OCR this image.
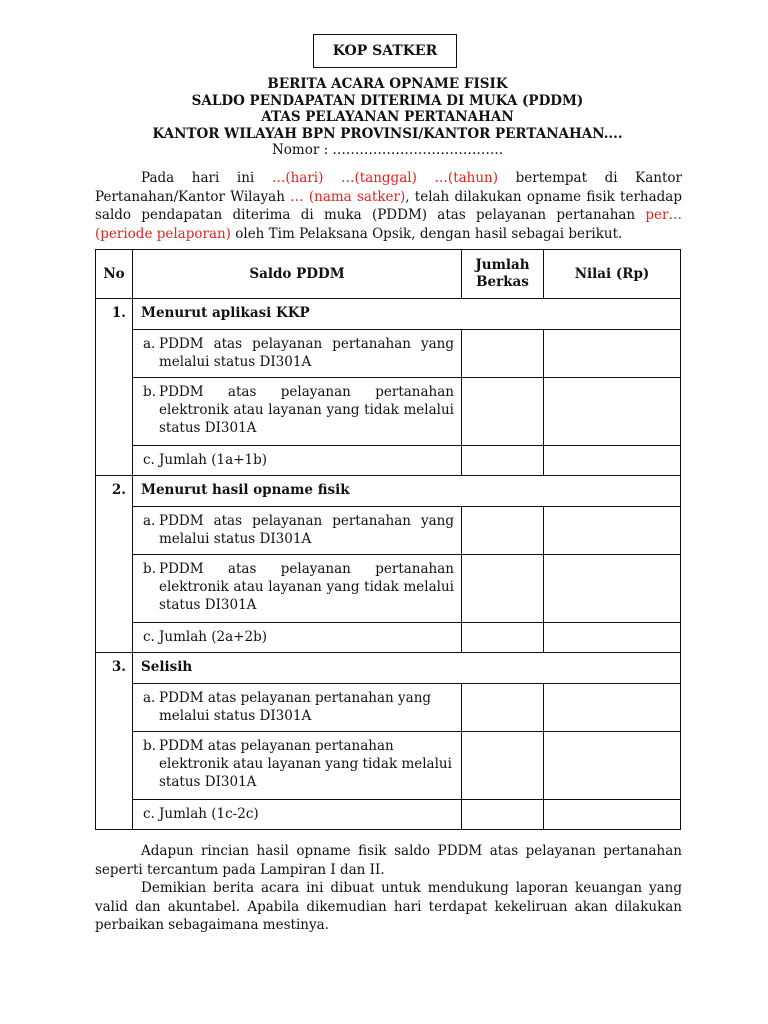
KOP SATKER
BERITA ACARA OPNAME FISIK
SALDO PENDAPATAN DITERIMA DI MUKA (PDDM)
ATAS PELAYANAN PERTANAHAN
KANTOR WILAYAH BPN PROVINSI/KANTOR PERTANAHAN....
Nomor : ………………………………..
Pada hari ini …(hari) …(tanggal) …(tahun) bertempat di Kantor Pertanahan/Kantor Wilayah … (nama satker), telah dilakukan opname fisik terhadap saldo pendapatan diterima di muka (PDDM) atas pelayanan pertanahan per…(periode pelaporan) oleh Tim Pelaksana Opsik, dengan hasil sebagai berikut.
No	Saldo PDDM	Jumlah Berkas	Nilai (Rp)
1.	Menurut aplikasi KKP		

	a. PDDM atas pelayanan pertanahan yang melalui status DI301A		

	b. PDDM atas pelayanan pertanahan elektronik atau layanan yang tidak melalui status DI301A		

	c. Jumlah (1a+1b)		

2.	Menurut hasil opname fisik		

	a. PDDM atas pelayanan pertanahan yang melalui status DI301A		

	b. PDDM atas pelayanan pertanahan elektronik atau layanan yang tidak melalui status DI301A		

	c. Jumlah (2a+2b)		

3.	Selisih		

	a. PDDM atas pelayanan pertanahan yang melalui status DI301A		

	b. PDDM atas pelayanan pertanahan elektronik atau layanan yang tidak melalui status DI301A		

	c. Jumlah (1c-2c)		

Adapun rincian hasil opname fisik saldo PDDM atas pelayanan pertanahan seperti tercantum pada Lampiran I dan II.
Demikian berita acara ini dibuat untuk mendukung laporan keuangan yang valid dan akuntabel. Apabila dikemudian hari terdapat kekeliruan akan dilakukan perbaikan sebagaimana mestinya.
